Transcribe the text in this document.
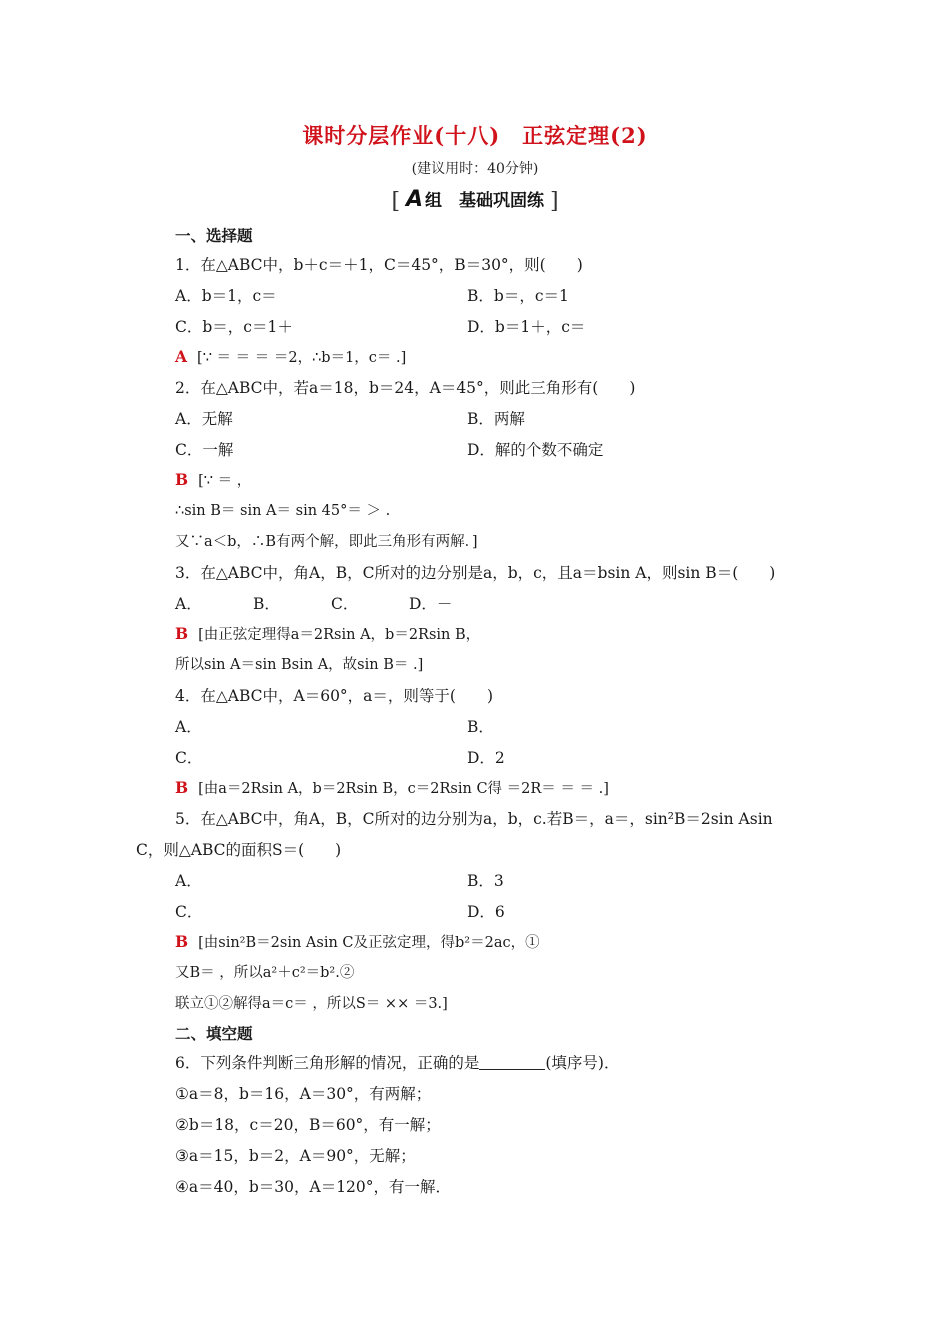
课时分层作业(十八)　正弦定理(2)
(建议用时：40分钟)
[ A 组　基础巩固练 ]
一、选择题
1．在△ABC中，b＋c＝＋1，C＝45°，B＝30°，则(　　)
A．b＝1，c＝	B．b＝，c＝1
C．b＝，c＝1＋	D．b＝1＋，c＝
A [∵ ＝ ＝ ＝ ＝2，∴b＝1，c＝ .]
2．在△ABC中，若a＝18，b＝24，A＝45°，则此三角形有(　　)
A．无解	B．两解
C．一解	D．解的个数不确定
B [∵ ＝ ，
∴sin B＝ sin A＝ sin 45°＝ ＞ .
又∵a＜b，∴B有两个解，即此三角形有两解．]
3．在△ABC中，角A，B，C所对的边分别是a，b，c，且a＝bsin A，则sin B＝(　　)
A．	B．	C．	D．－
B [由正弦定理得a＝2Rsin A，b＝2Rsin B，
所以sin A＝sin Bsin A，故sin B＝ .]
4．在△ABC中，A＝60°，a＝，则等于(　　)
A．	B．
C．	D．2
B [由a＝2Rsin A，b＝2Rsin B，c＝2Rsin C得 ＝2R＝ ＝ ＝ .]
5．在△ABC中，角A，B，C所对的边分别为a，b，c.若B＝，a＝，sin²B＝2sin Asin
C，则△ABC的面积S＝(　　)
A．	B．3
C．	D．6
B [由sin²B＝2sin Asin C及正弦定理，得b²＝2ac，①
又B＝ ，所以a²＋c²＝b².②
联立①②解得a＝c＝ ，所以S＝ ×× ＝3.]
二、填空题
6．下列条件判断三角形解的情况，正确的是	(填序号)．
①a＝8，b＝16，A＝30°，有两解；
②b＝18，c＝20，B＝60°，有一解；
③a＝15，b＝2，A＝90°，无解；
④a＝40，b＝30，A＝120°，有一解．
